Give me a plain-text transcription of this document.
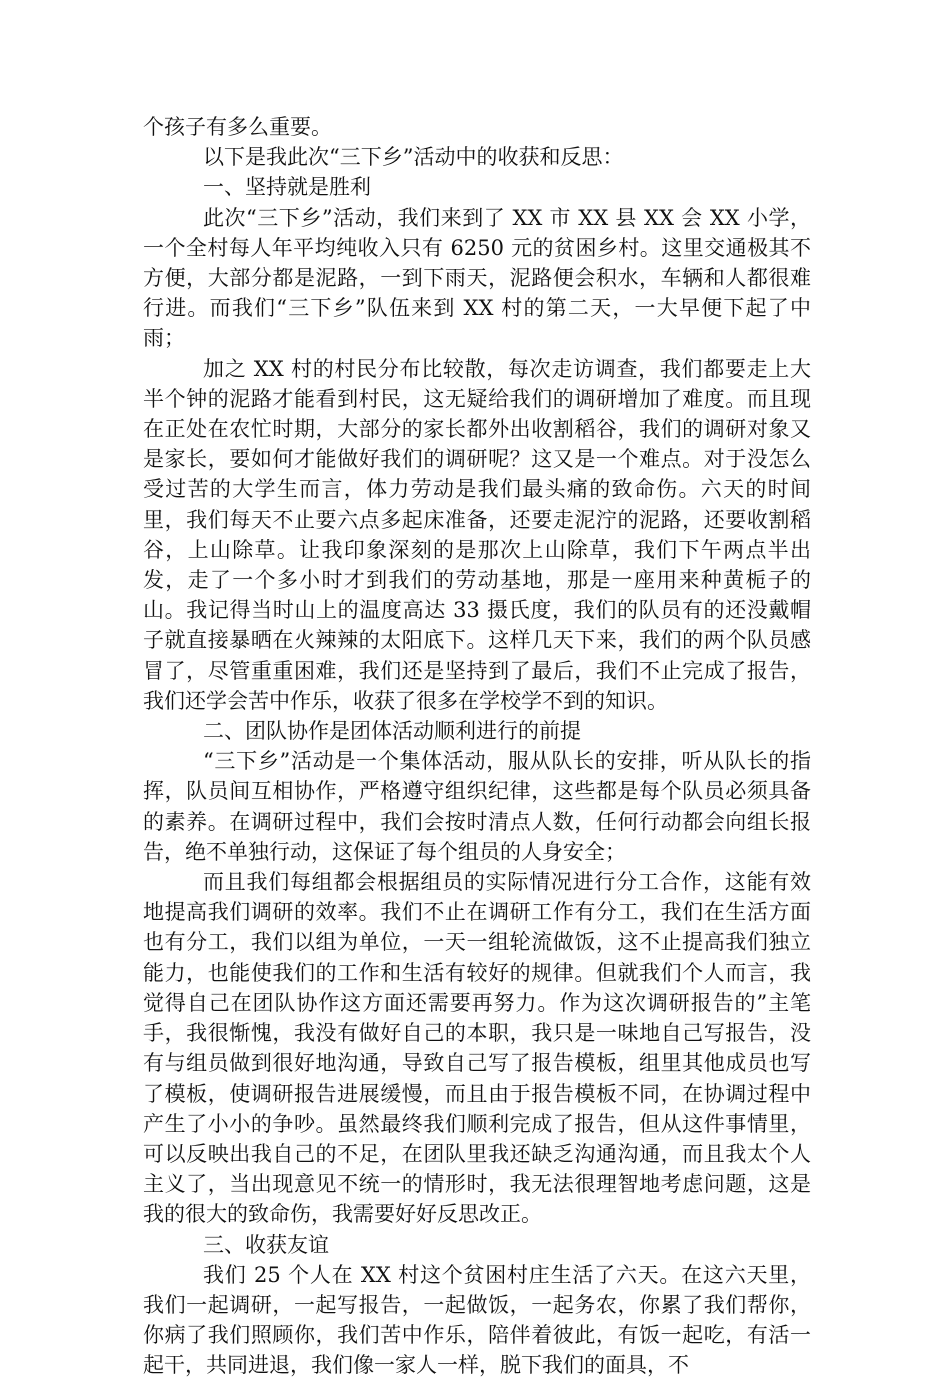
个孩子有多么重要。

以下是我此次“三下乡”活动中的收获和反思：

一、坚持就是胜利

此次“三下乡”活动，我们来到了 XX 市 XX 县 XX 会 XX 小学，一个全村每人年平均纯收入只有 6250 元的贫困乡村。这里交通极其不方便，大部分都是泥路，一到下雨天，泥路便会积水，车辆和人都很难行进。而我们“三下乡”队伍来到 XX 村的第二天，一大早便下起了中雨；

加之 XX 村的村民分布比较散，每次走访调查，我们都要走上大半个钟的泥路才能看到村民，这无疑给我们的调研增加了难度。而且现在正处在农忙时期，大部分的家长都外出收割稻谷，我们的调研对象又是家长，要如何才能做好我们的调研呢？这又是一个难点。对于没怎么受过苦的大学生而言，体力劳动是我们最头痛的致命伤。六天的时间里，我们每天不止要六点多起床准备，还要走泥泞的泥路，还要收割稻谷，上山除草。让我印象深刻的是那次上山除草，我们下午两点半出发，走了一个多小时才到我们的劳动基地，那是一座用来种黄栀子的山。我记得当时山上的温度高达 33 摄氏度，我们的队员有的还没戴帽子就直接暴晒在火辣辣的太阳底下。这样几天下来，我们的两个队员感冒了，尽管重重困难，我们还是坚持到了最后，我们不止完成了报告，我们还学会苦中作乐，收获了很多在学校学不到的知识。

二、团队协作是团体活动顺利进行的前提

“三下乡”活动是一个集体活动，服从队长的安排，听从队长的指挥，队员间互相协作，严格遵守组织纪律，这些都是每个队员必须具备的素养。在调研过程中，我们会按时清点人数，任何行动都会向组长报告，绝不单独行动，这保证了每个组员的人身安全；

而且我们每组都会根据组员的实际情况进行分工合作，这能有效地提高我们调研的效率。我们不止在调研工作有分工，我们在生活方面也有分工，我们以组为单位，一天一组轮流做饭，这不止提高我们独立能力，也能使我们的工作和生活有较好的规律。但就我们个人而言，我觉得自己在团队协作这方面还需要再努力。作为这次调研报告的”主笔手，我很惭愧，我没有做好自己的本职，我只是一味地自己写报告，没有与组员做到很好地沟通，导致自己写了报告模板，组里其他成员也写了模板，使调研报告进展缓慢，而且由于报告模板不同，在协调过程中产生了小小的争吵。虽然最终我们顺利完成了报告，但从这件事情里，可以反映出我自己的不足，在团队里我还缺乏沟通沟通，而且我太个人主义了，当出现意见不统一的情形时，我无法很理智地考虑问题，这是我的很大的致命伤，我需要好好反思改正。

三、收获友谊

我们 25 个人在 XX 村这个贫困村庄生活了六天。在这六天里，我们一起调研，一起写报告，一起做饭，一起务农，你累了我们帮你，你病了我们照顾你，我们苦中作乐，陪伴着彼此，有饭一起吃，有活一起干，共同进退，我们像一家人一样，脱下我们的面具，不
